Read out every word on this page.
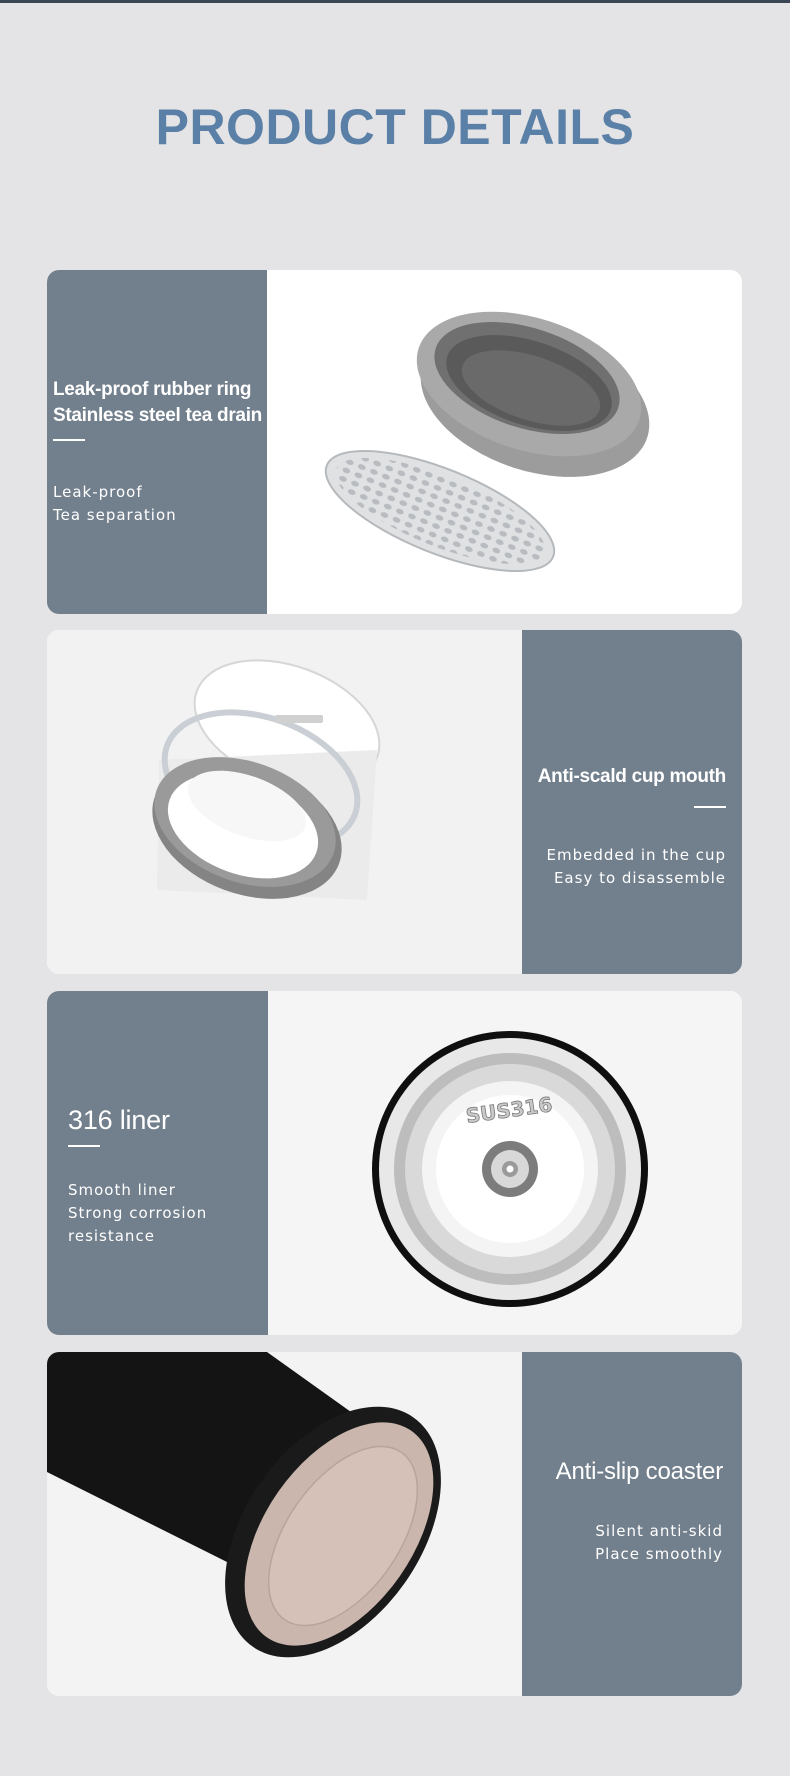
PRODUCT DETAILS
Leak-proof rubber ring
Stainless steel tea drain
Leak-proof
Tea separation
Anti-scald cup mouth
Embedded in the cup
Easy to disassemble
316 liner
Smooth liner
Strong corrosion
resistance
SUS316
Anti-slip coaster
Silent anti-skid
Place smoothly
